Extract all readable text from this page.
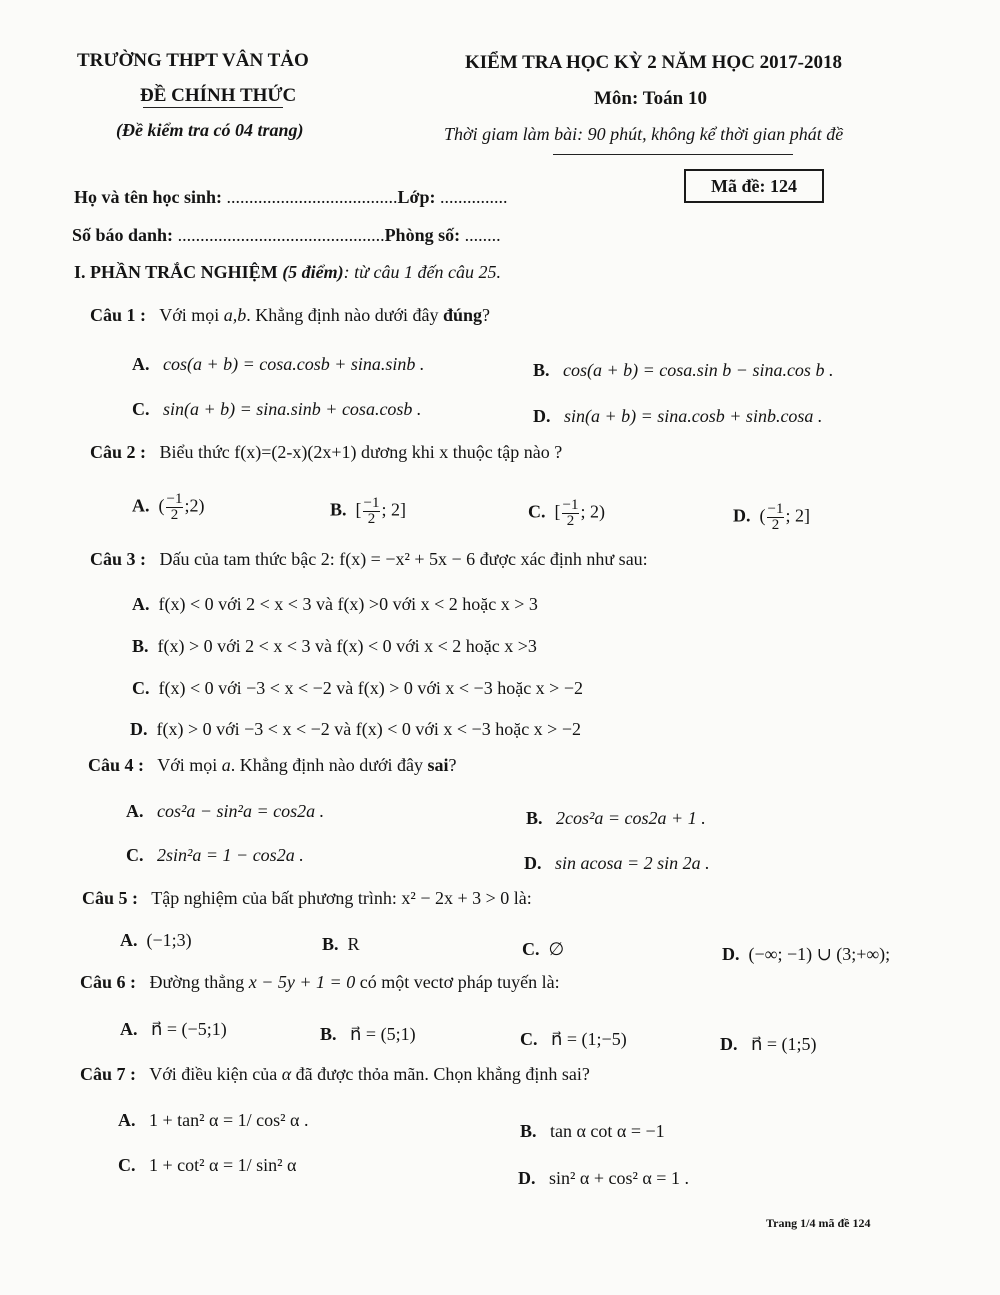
TRƯỜNG THPT VÂN TẢO
ĐỀ CHÍNH THỨC
(Đề kiểm tra có 04 trang)
KIỂM TRA HỌC KỲ 2 NĂM HỌC 2017-2018
Môn: Toán 10
Thời giam làm bài: 90 phút, không kể thời gian phát đề
Mã đề: 124
Họ và tên học sinh: ......................................Lớp: ...............
Số báo danh: ..............................................Phòng số: ........
I. PHẦN TRẮC NGHIỆM (5 điểm): từ câu 1 đến câu 25.
Câu 1 : Với mọi a,b. Khẳng định nào dưới đây đúng?
A. cos(a + b) = cosa.cosb + sina.sinb .	B. cos(a + b) = cosa.sin b − sina.cos b .
C. sin(a + b) = sina.sinb + cosa.cosb .	D. sin(a + b) = sina.cosb + sinb.cosa .
Câu 2 : Biểu thức f(x)=(2-x)(2x+1) dương khi x thuộc tập nào ?
A. ( $\frac{-1}{2}$ ;2)	B. [ $\frac{-1}{2}$ ; 2]	C. [ $\frac{-1}{2}$ ; 2)	D. ( $\frac{-1}{2}$ ; 2]
Câu 3 : Dấu của tam thức bậc 2: f(x) = −x² + 5x − 6 được xác định như sau:
A. f(x) < 0 với 2 < x < 3 và f(x) >0 với x < 2 hoặc x > 3
B. f(x) > 0 với 2 < x < 3 và f(x) < 0 với x < 2 hoặc x >3
C. f(x) < 0 với −3 < x < −2 và f(x) > 0 với x < −3 hoặc x > −2
D. f(x) > 0 với −3 < x < −2 và f(x) < 0 với x < −3 hoặc x > −2
Câu 4 : Với mọi a. Khẳng định nào dưới đây sai?
A. cos²a − sin²a = cos2a .	B. 2cos²a = cos2a + 1 .
C. 2sin²a = 1 − cos2a .	D. sin acosa = 2 sin 2a .
Câu 5 : Tập nghiệm của bất phương trình: x² − 2x + 3 > 0 là:
A. (−1;3)	B. R	C. ∅	D. (−∞; −1) ∪ (3;+∞);
Câu 6 : Đường thẳng x − 5y + 1 = 0 có một vectơ pháp tuyến là:
A. n⃗ = (−5;1)	B. n⃗ = (5;1)	C. n⃗ = (1;−5)	D. n⃗ = (1;5)
Câu 7 : Với điều kiện của α đã được thỏa mãn. Chọn khẳng định sai?
A. 1 + tan² α = 1/ cos² α .
B. tan α cot α = −1
C. 1 + cot² α = 1/ sin² α
D. sin² α + cos² α = 1 .
Trang 1/4 mã đề 124
